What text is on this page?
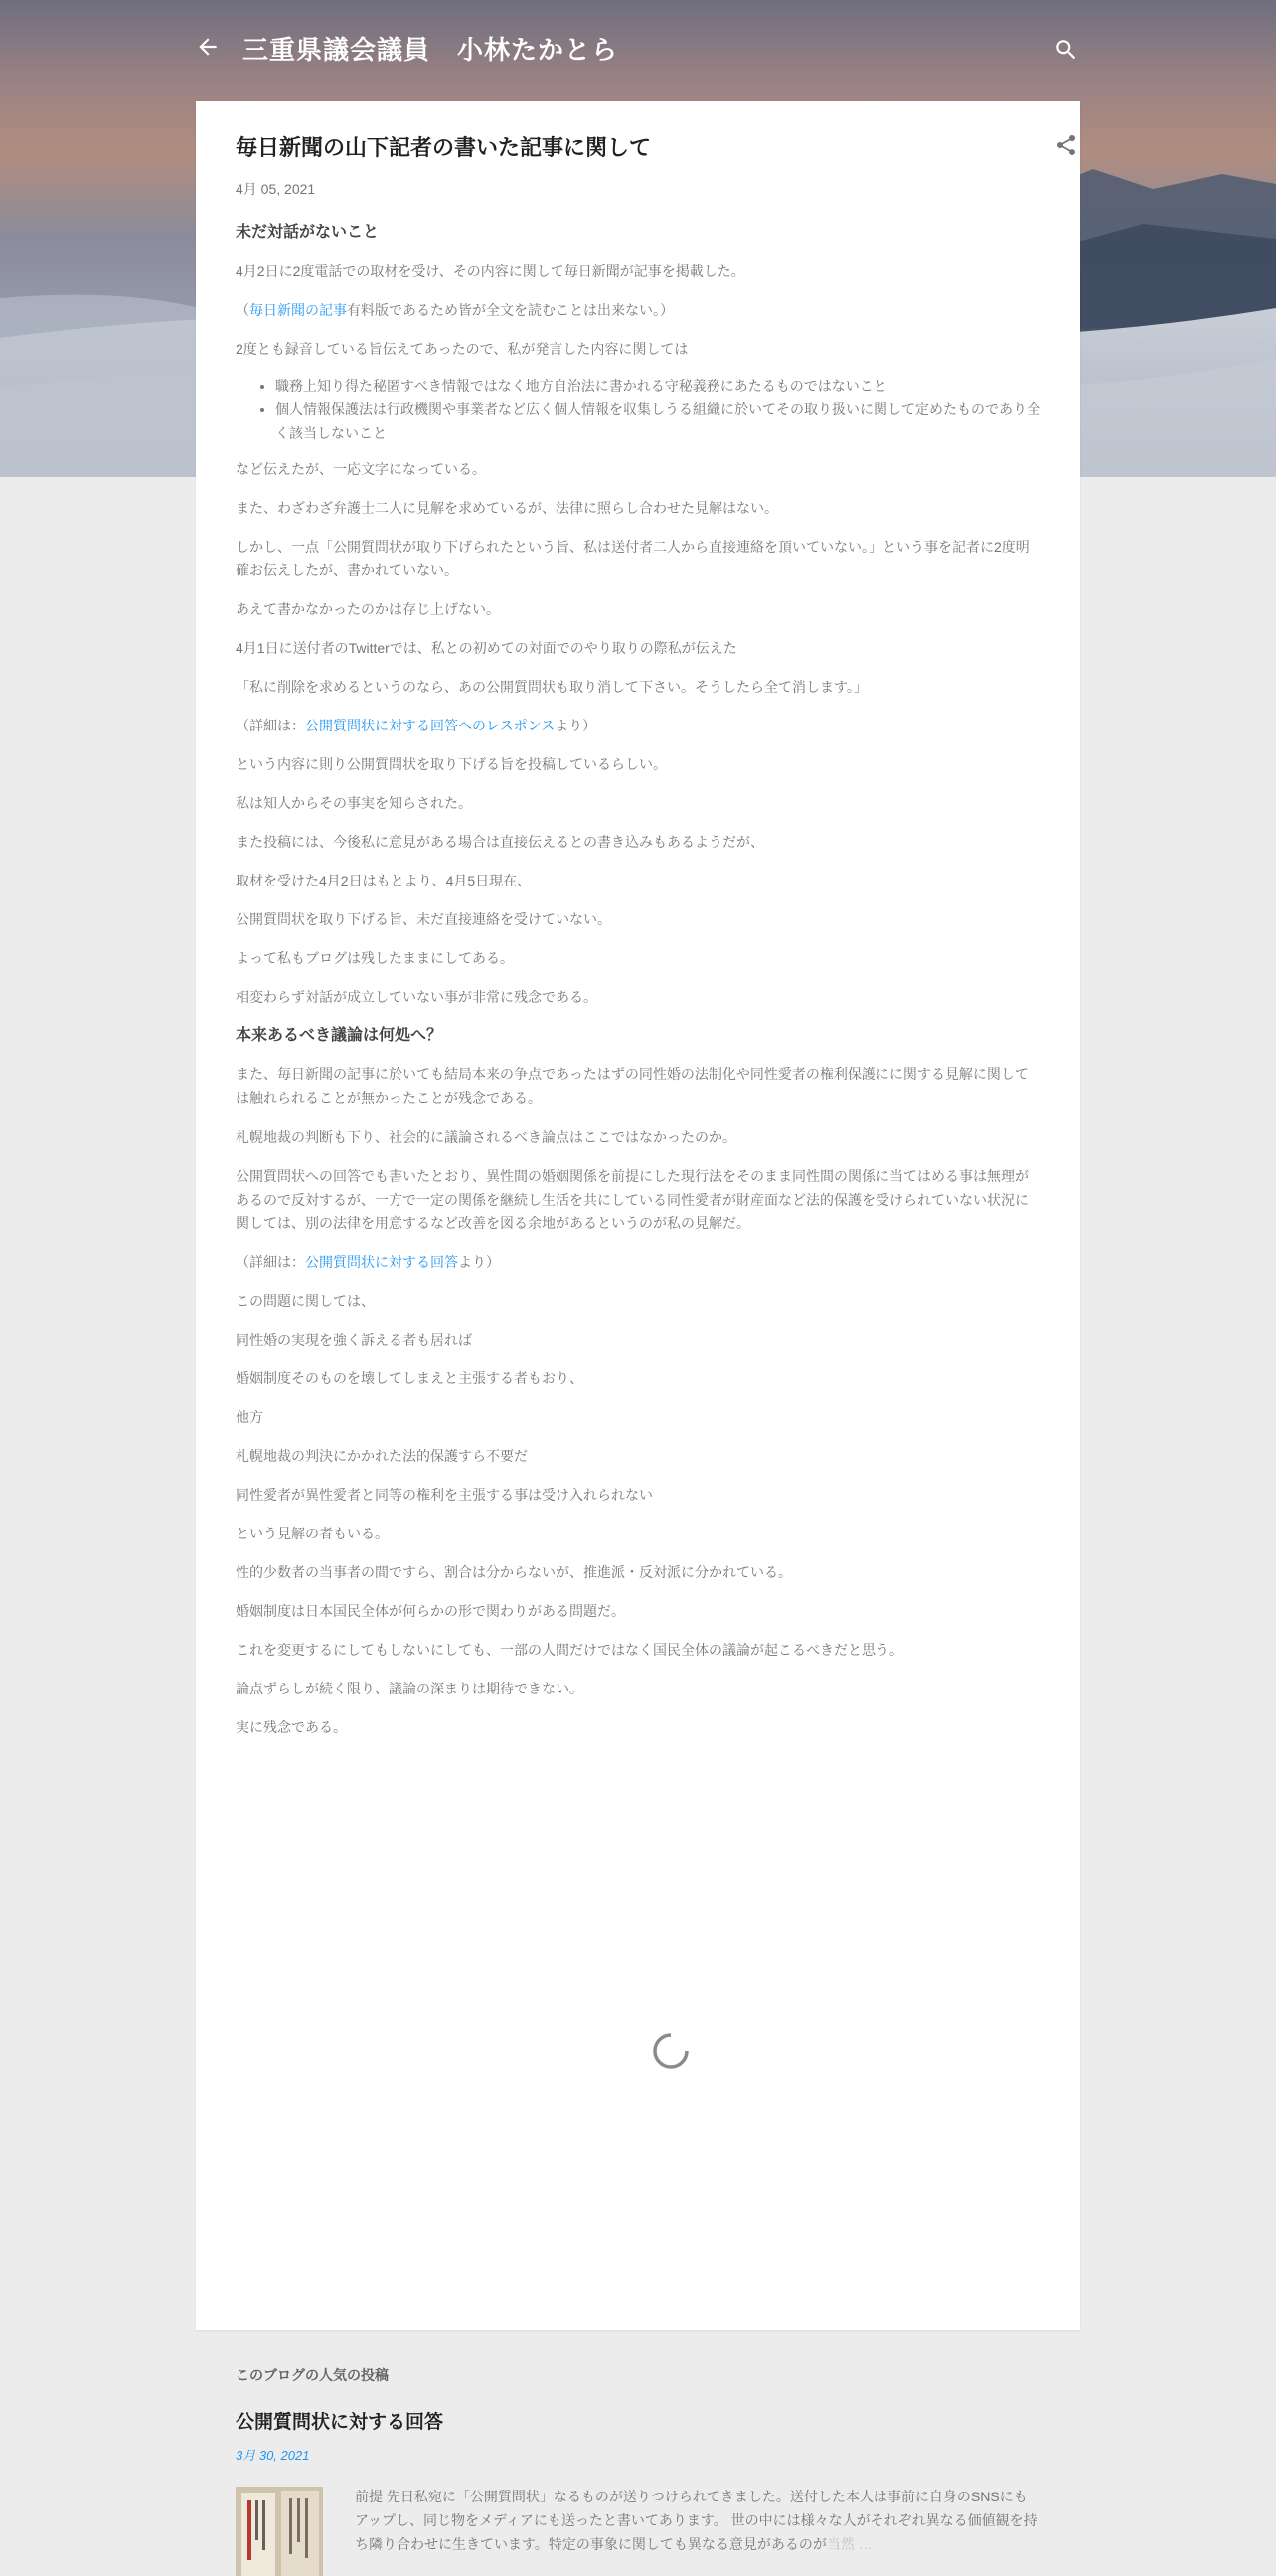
三重県議会議員　小林たかとら
毎日新聞の山下記者の書いた記事に関して
4月 05, 2021
未だ対話がないこと

4月2日に2度電話での取材を受け、その内容に関して毎日新聞が記事を掲載した。

（毎日新聞の記事有料版であるため皆が全文を読むことは出来ない。）

2度とも録音している旨伝えてあったので、私が発言した内容に関しては

• 職務上知り得た秘匿すべき情報ではなく地方自治法に書かれる守秘義務にあたるものではないこと
• 個人情報保護法は行政機関や事業者など広く個人情報を収集しうる組織に於いてその取り扱いに関して定めたものであり全く該当しないこと

など伝えたが、一応文字になっている。

また、わざわざ弁護士二人に見解を求めているが、法律に照らし合わせた見解はない。

しかし、一点「公開質問状が取り下げられたという旨、私は送付者二人から直接連絡を頂いていない。」という事を記者に2度明確お伝えしたが、書かれていない。

あえて書かなかったのかは存じ上げない。

4月1日に送付者のTwitterでは、私との初めての対面でのやり取りの際私が伝えた

「私に削除を求めるというのなら、あの公開質問状も取り消して下さい。そうしたら全て消します。」

（詳細は：公開質問状に対する回答へのレスポンスより）

という内容に則り公開質問状を取り下げる旨を投稿しているらしい。

私は知人からその事実を知らされた。

また投稿には、今後私に意見がある場合は直接伝えるとの書き込みもあるようだが、

取材を受けた4月2日はもとより、4月5日現在、

公開質問状を取り下げる旨、未だ直接連絡を受けていない。

よって私もブログは残したままにしてある。

相変わらず対話が成立していない事が非常に残念である。

本来あるべき議論は何処へ？

また、毎日新聞の記事に於いても結局本来の争点であったはずの同性婚の法制化や同性愛者の権利保護にに関する見解に関しては触れられることが無かったことが残念である。

札幌地裁の判断も下り、社会的に議論されるべき論点はここではなかったのか。

公開質問状への回答でも書いたとおり、異性間の婚姻関係を前提にした現行法をそのまま同性間の関係に当てはめる事は無理があるので反対するが、一方で一定の関係を継続し生活を共にしている同性愛者が財産面など法的保護を受けられていない状況に関しては、別の法律を用意するなど改善を図る余地があるというのが私の見解だ。

（詳細は：公開質問状に対する回答より）

この問題に関しては、

同性婚の実現を強く訴える者も居れば

婚姻制度そのものを壊してしまえと主張する者もおり、

他方

札幌地裁の判決にかかれた法的保護すら不要だ

同性愛者が異性愛者と同等の権利を主張する事は受け入れられない

という見解の者もいる。

性的少数者の当事者の間ですら、割合は分からないが、推進派・反対派に分かれている。

婚姻制度は日本国民全体が何らかの形で関わりがある問題だ。

これを変更するにしてもしないにしても、一部の人間だけではなく国民全体の議論が起こるべきだと思う。

論点ずらしが続く限り、議論の深まりは期待できない。

実に残念である。

このブログの人気の投稿
公開質問状に対する回答
3月 30, 2021
前提 先日私宛に「公開質問状」なるものが送りつけられてきました。送付した本人は事前に自身のSNSにもアップし、同じ物をメディアにも送ったと書いてあります。 世の中には様々な人がそれぞれ異なる価値観を持ち隣り合わせに生きています。特定の事象に関しても異なる意見があるのが当然 …
